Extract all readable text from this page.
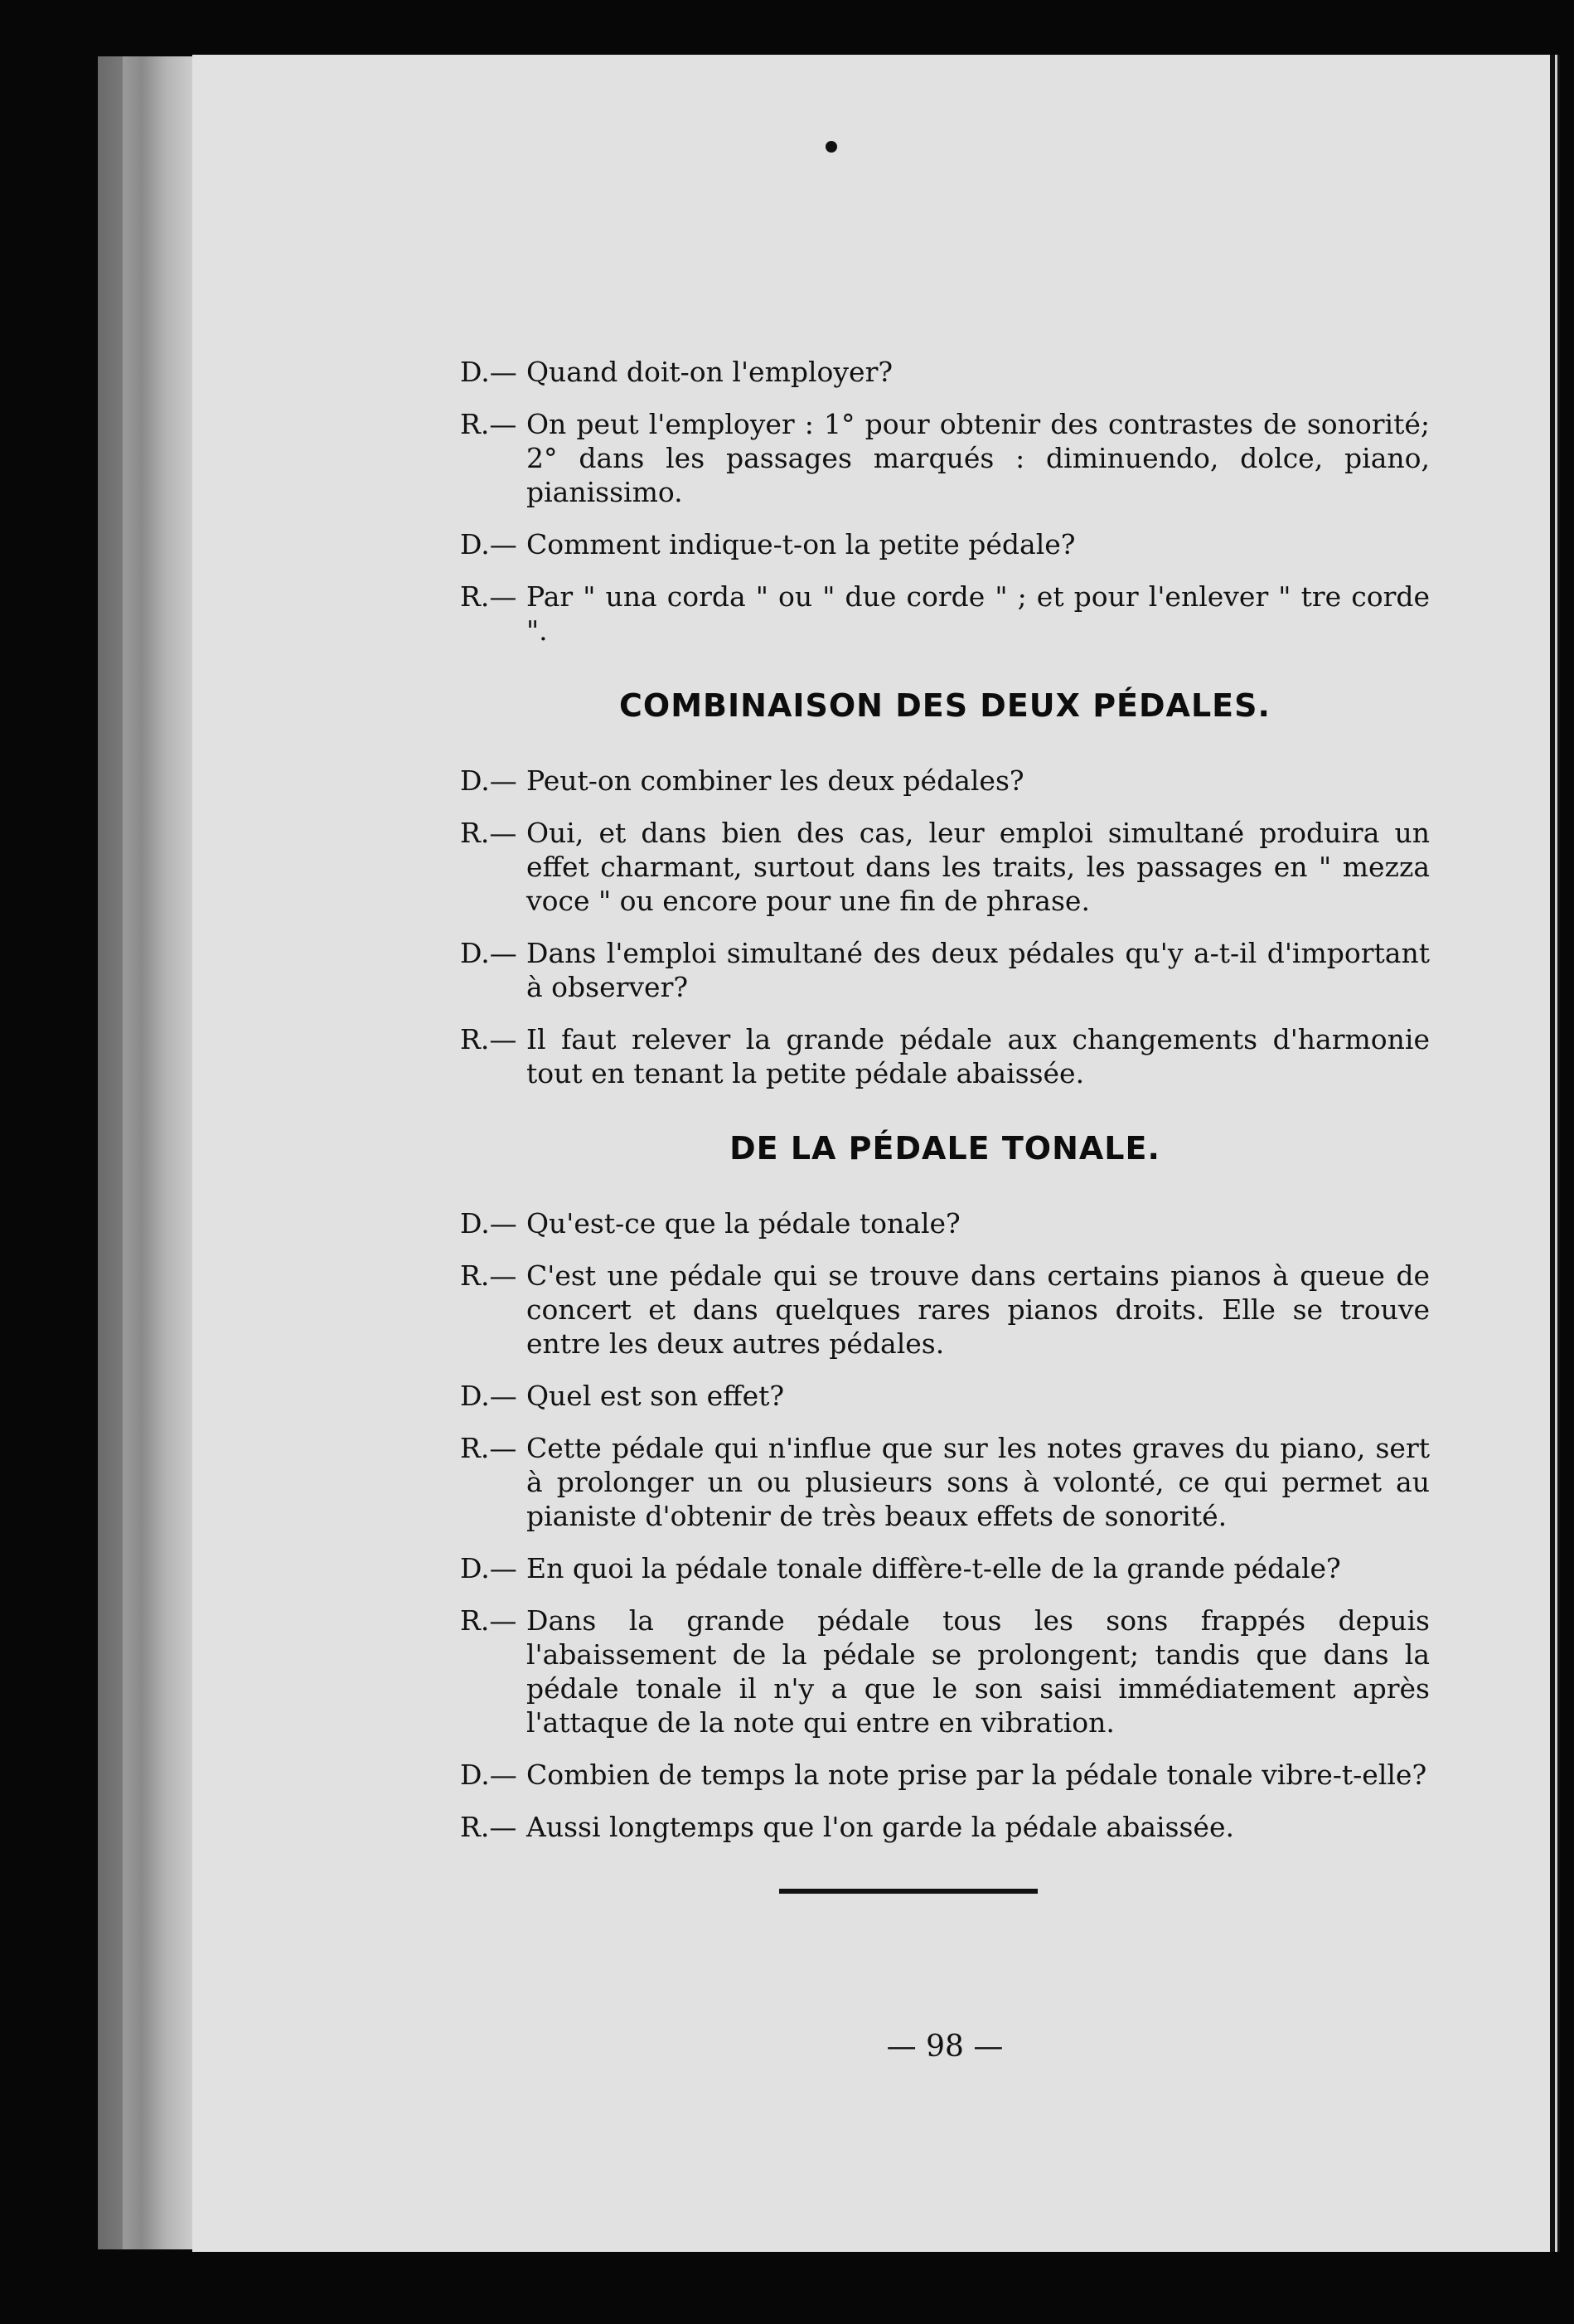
D.— Quand doit-on l'employer?
R.— On peut l'employer : 1° pour obtenir des contrastes de sonorité; 2° dans les passages marqués : diminuendo, dolce, piano, pianissimo.
D.— Comment indique-t-on la petite pédale?
R.— Par " una corda " ou " due corde " ; et pour l'enlever " tre corde ".
COMBINAISON DES DEUX PÉDALES.
D.— Peut-on combiner les deux pédales?
R.— Oui, et dans bien des cas, leur emploi simultané produira un effet charmant, surtout dans les traits, les passages en " mezza voce " ou encore pour une fin de phrase.
D.— Dans l'emploi simultané des deux pédales qu'y a-t-il d'important à observer?
R.— Il faut relever la grande pédale aux changements d'harmonie tout en tenant la petite pédale abaissée.
DE LA PÉDALE TONALE.
D.— Qu'est-ce que la pédale tonale?
R.— C'est une pédale qui se trouve dans certains pianos à queue de concert et dans quelques rares pianos droits. Elle se trouve entre les deux autres pédales.
D.— Quel est son effet?
R.— Cette pédale qui n'influe que sur les notes graves du piano, sert à prolonger un ou plusieurs sons à volonté, ce qui permet au pianiste d'obtenir de très beaux effets de sonorité.
D.— En quoi la pédale tonale diffère-t-elle de la grande pédale?
R.— Dans la grande pédale tous les sons frappés depuis l'abaissement de la pédale se prolongent; tandis que dans la pédale tonale il n'y a que le son saisi immédiatement après l'attaque de la note qui entre en vibration.
D.— Combien de temps la note prise par la pédale tonale vibre-t-elle?
R.— Aussi longtemps que l'on garde la pédale abaissée.
— 98 —
